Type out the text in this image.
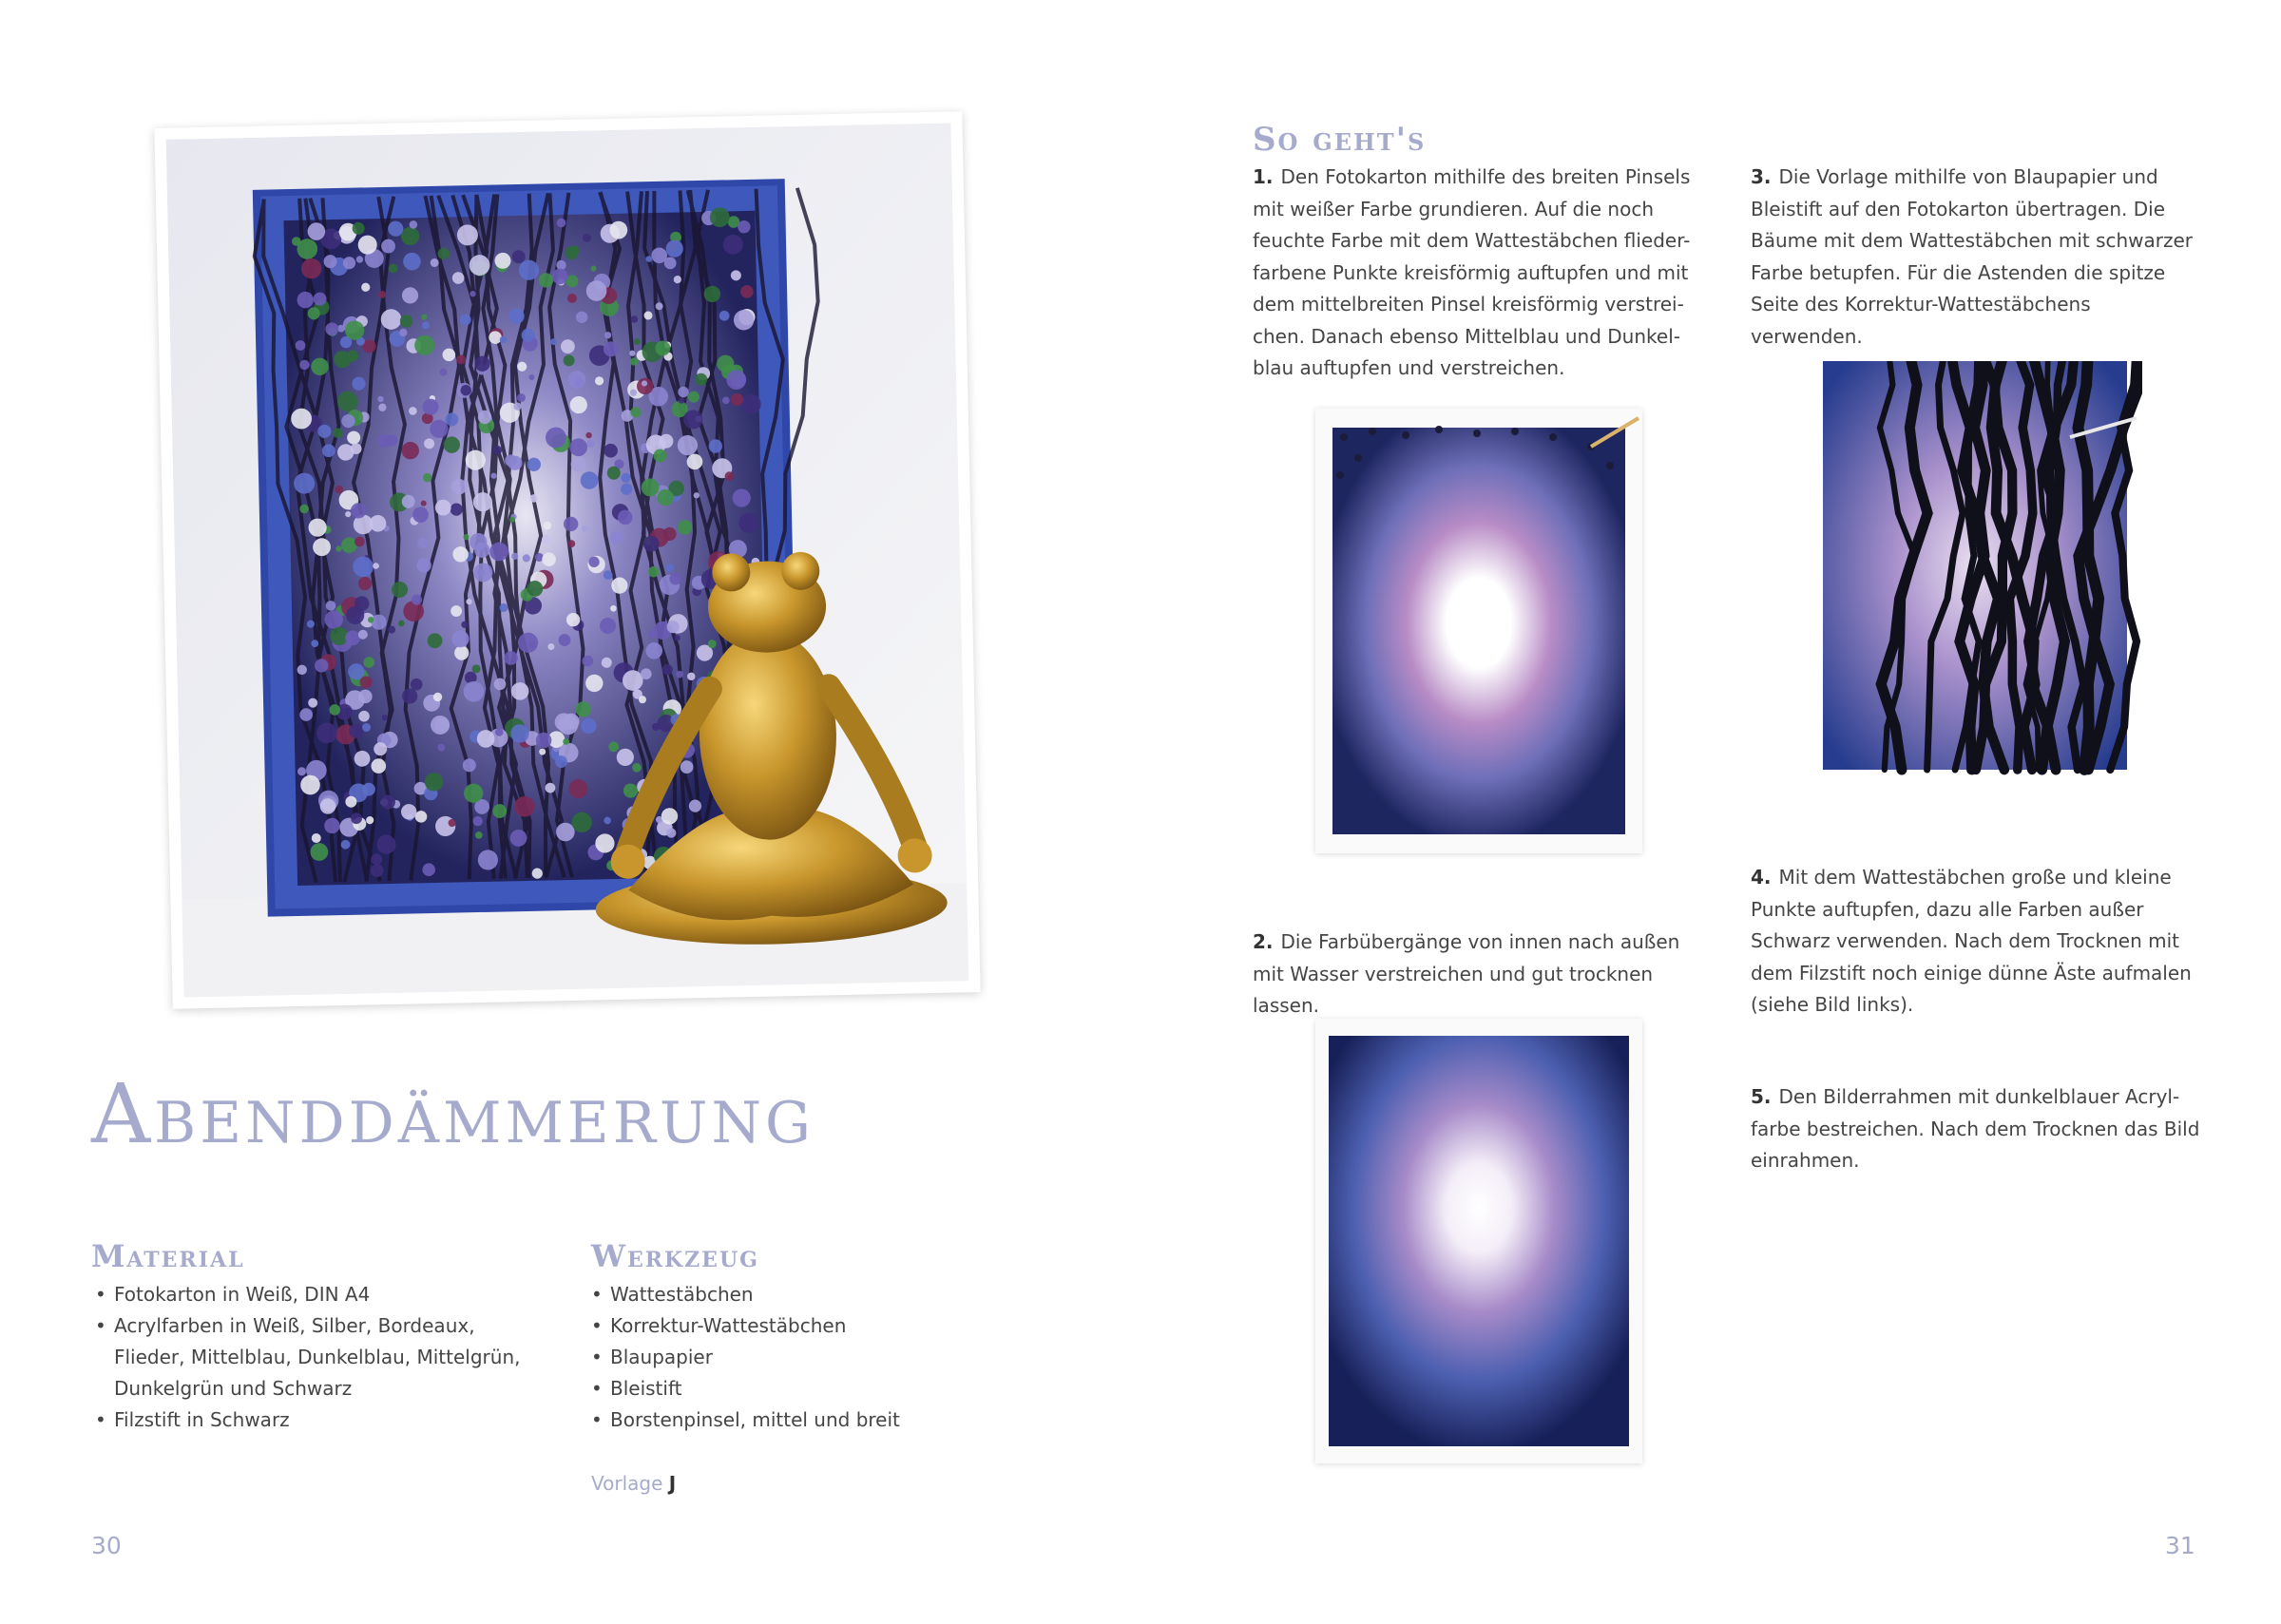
Abenddämmerung
Material
• Fotokarton in Weiß, DIN A4
• Acrylfarben in Weiß, Silber, Bordeaux,
Flieder, Mittelblau, Dunkelblau, Mittelgrün,
Dunkelgrün und Schwarz
• Filzstift in Schwarz
Werkzeug
• Wattestäbchen
• Korrektur-Wattestäbchen
• Blaupapier
• Bleistift
• Borstenpinsel, mittel und breit
Vorlage J
30
So geht's

1. Den Fotokarton mithilfe des breiten Pinsels mit weißer Farbe grundieren. Auf die noch feuchte Farbe mit dem Wattestäbchen flieder-farbene Punkte kreisförmig auftupfen und mit dem mittelbreiten Pinsel kreisförmig verstrei-chen. Danach ebenso Mittelblau und Dunkel-blau auftupfen und verstreichen.

2. Die Farbübergänge von innen nach außen mit Wasser verstreichen und gut trocknen lassen.

3. Die Vorlage mithilfe von Blaupapier und Bleistift auf den Fotokarton übertragen. Die Bäume mit dem Wattestäbchen mit schwarzer Farbe betupfen. Für die Astenden die spitze Seite des Korrektur-Wattestäbchens verwenden.

4. Mit dem Wattestäbchen große und kleine Punkte auftupfen, dazu alle Farben außer Schwarz verwenden. Nach dem Trocknen mit dem Filzstift noch einige dünne Äste aufmalen (siehe Bild links).

5. Den Bilderrahmen mit dunkelblauer Acryl-farbe bestreichen. Nach dem Trocknen das Bild einrahmen.

31
